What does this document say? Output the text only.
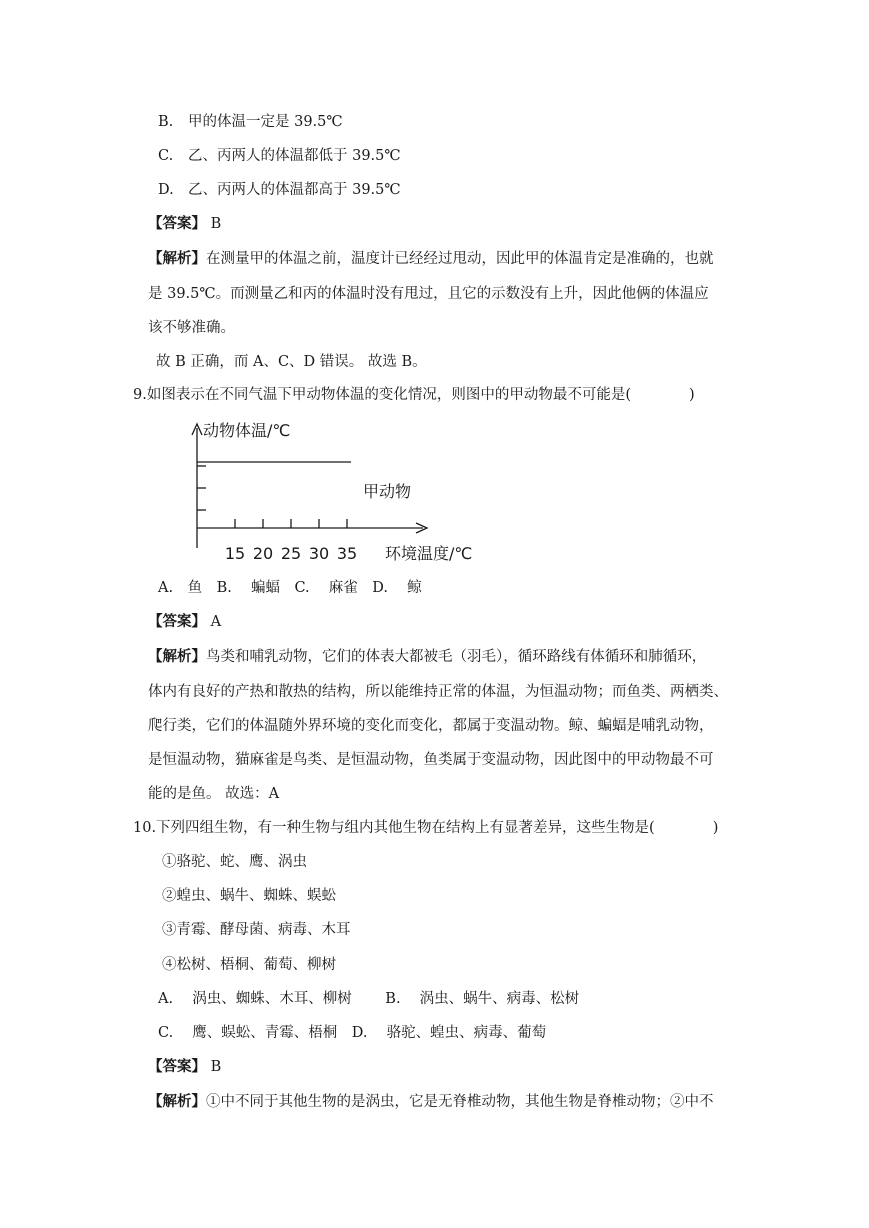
B. 甲的体温一定是 39.5℃
C. 乙、丙两人的体温都低于 39.5℃
D. 乙、丙两人的体温都高于 39.5℃
【答案】 B
【解析】在测量甲的体温之前，温度计已经经过甩动，因此甲的体温肯定是准确的，也就
是 39.5℃。而测量乙和丙的体温时没有甩过，且它的示数没有上升，因此他俩的体温应
该不够准确。
故 B 正确，而 A、C、D 错误。 故选 B。
9.如图表示在不同气温下甲动物体温的变化情况，则图中的甲动物最不可能是(　　　　)
15 20 25 30 35
甲动物
动物体温/℃
环境温度/℃
A.　鱼　B.　 蝙蝠　C.　 麻雀　D.　 鲸
【答案】 A
【解析】鸟类和哺乳动物，它们的体表大都被毛（羽毛），循环路线有体循环和肺循环，
体内有良好的产热和散热的结构，所以能维持正常的体温，为恒温动物；而鱼类、两栖类、
爬行类，它们的体温随外界环境的变化而变化，都属于变温动物。鲸、蝙蝠是哺乳动物，
是恒温动物，猫麻雀是鸟类、是恒温动物，鱼类属于变温动物，因此图中的甲动物最不可
能的是鱼。 故选：A
10.下列四组生物，有一种生物与组内其他生物在结构上有显著差异，这些生物是(　　　　)
①骆驼、蛇、鹰、涡虫
②蝗虫、蜗牛、蜘蛛、蜈蚣
③青霉、酵母菌、病毒、木耳
④松树、梧桐、葡萄、柳树
A.　 涡虫、蜘蛛、木耳、柳树　　 B.　 涡虫、蜗牛、病毒、松树
C.　 鹰、蜈蚣、青霉、梧桐　D.　 骆驼、蝗虫、病毒、葡萄
【答案】 B
【解析】①中不同于其他生物的是涡虫，它是无脊椎动物，其他生物是脊椎动物；②中不
